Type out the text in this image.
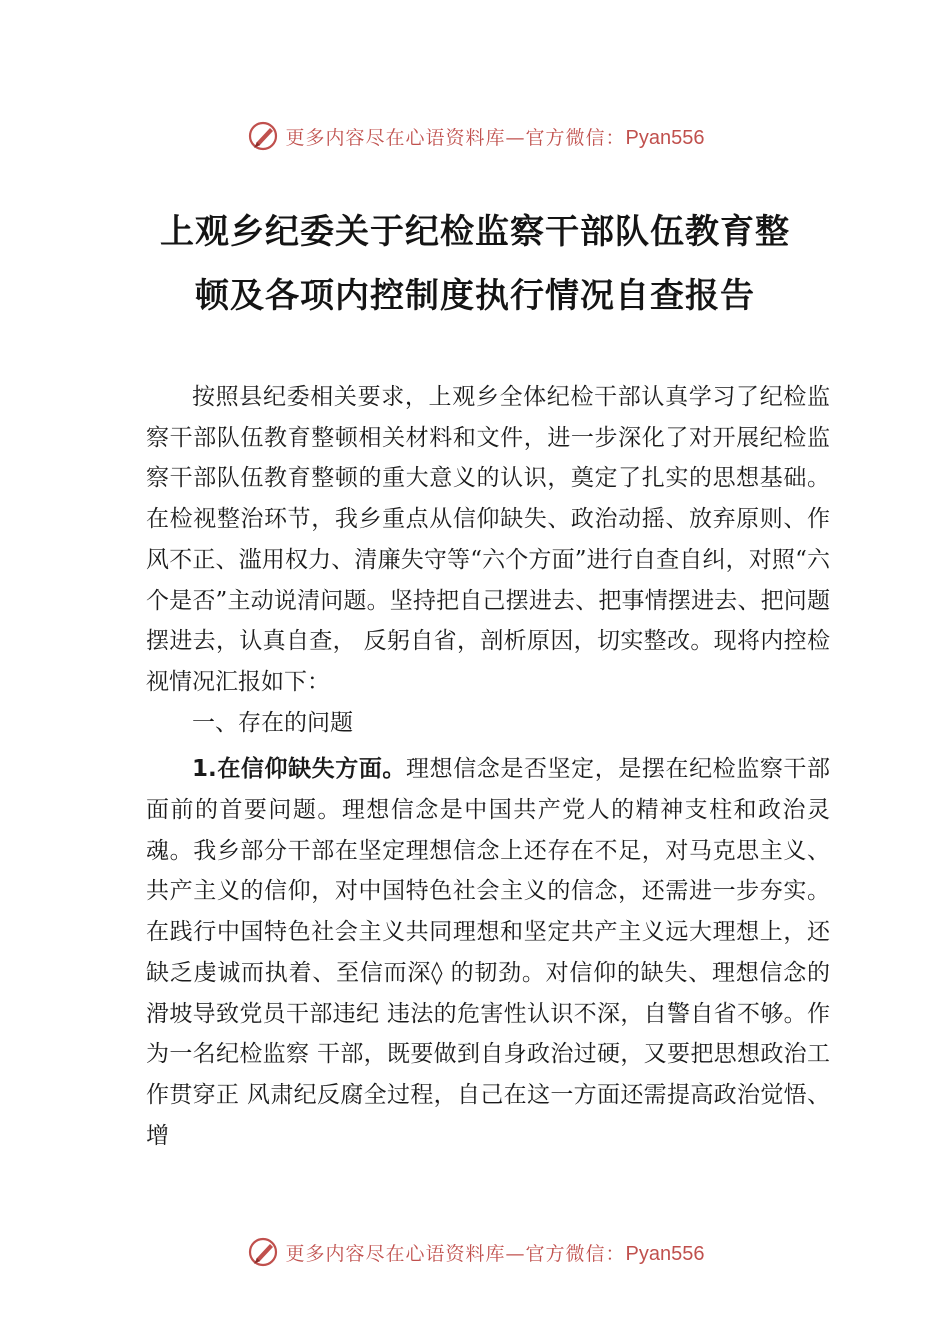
更多内容尽在心语资料库—官方微信：Pyan556
上观乡纪委关于纪检监察干部队伍教育整
顿及各项内控制度执行情况自查报告

按照县纪委相关要求，上观乡全体纪检干部认真学习了纪检监察干部队伍教育整顿相关材料和文件，进一步深化了对开展纪检监察干部队伍教育整顿的重大意义的认识，奠定了扎实的思想基础。在检视整治环节，我乡重点从信仰缺失、政治动摇、放弃原则、作风不正、滥用权力、清廉失守等“六个方面”进行自查自纠，对照“六个是否”主动说清问题。坚持把自己摆进去、把事情摆进去、把问题摆进去，认真自查， 反躬自省，剖析原因，切实整改。现将内控检视情况汇报如下：

一、存在的问题

1.在信仰缺失方面。理想信念是否坚定，是摆在纪检监察干部面前的首要问题。理想信念是中国共产党人的精神支柱和政治灵魂。我乡部分干部在坚定理想信念上还存在不足，对马克思主义、共产主义的信仰，对中国特色社会主义的信念，还需进一步夯实。在践行中国特色社会主义共同理想和坚定共产主义远大理想上，还缺乏虔诚而执着、至信而深◊ 的韧劲。对信仰的缺失、理想信念的滑坡导致党员干部违纪 违法的危害性认识不深，自警自省不够。作为一名纪检监察 干部，既要做到自身政治过硬，又要把思想政治工作贯穿正 风肃纪反腐全过程，自己在这一方面还需提高政治觉悟、增

更多内容尽在心语资料库—官方微信：Pyan556
